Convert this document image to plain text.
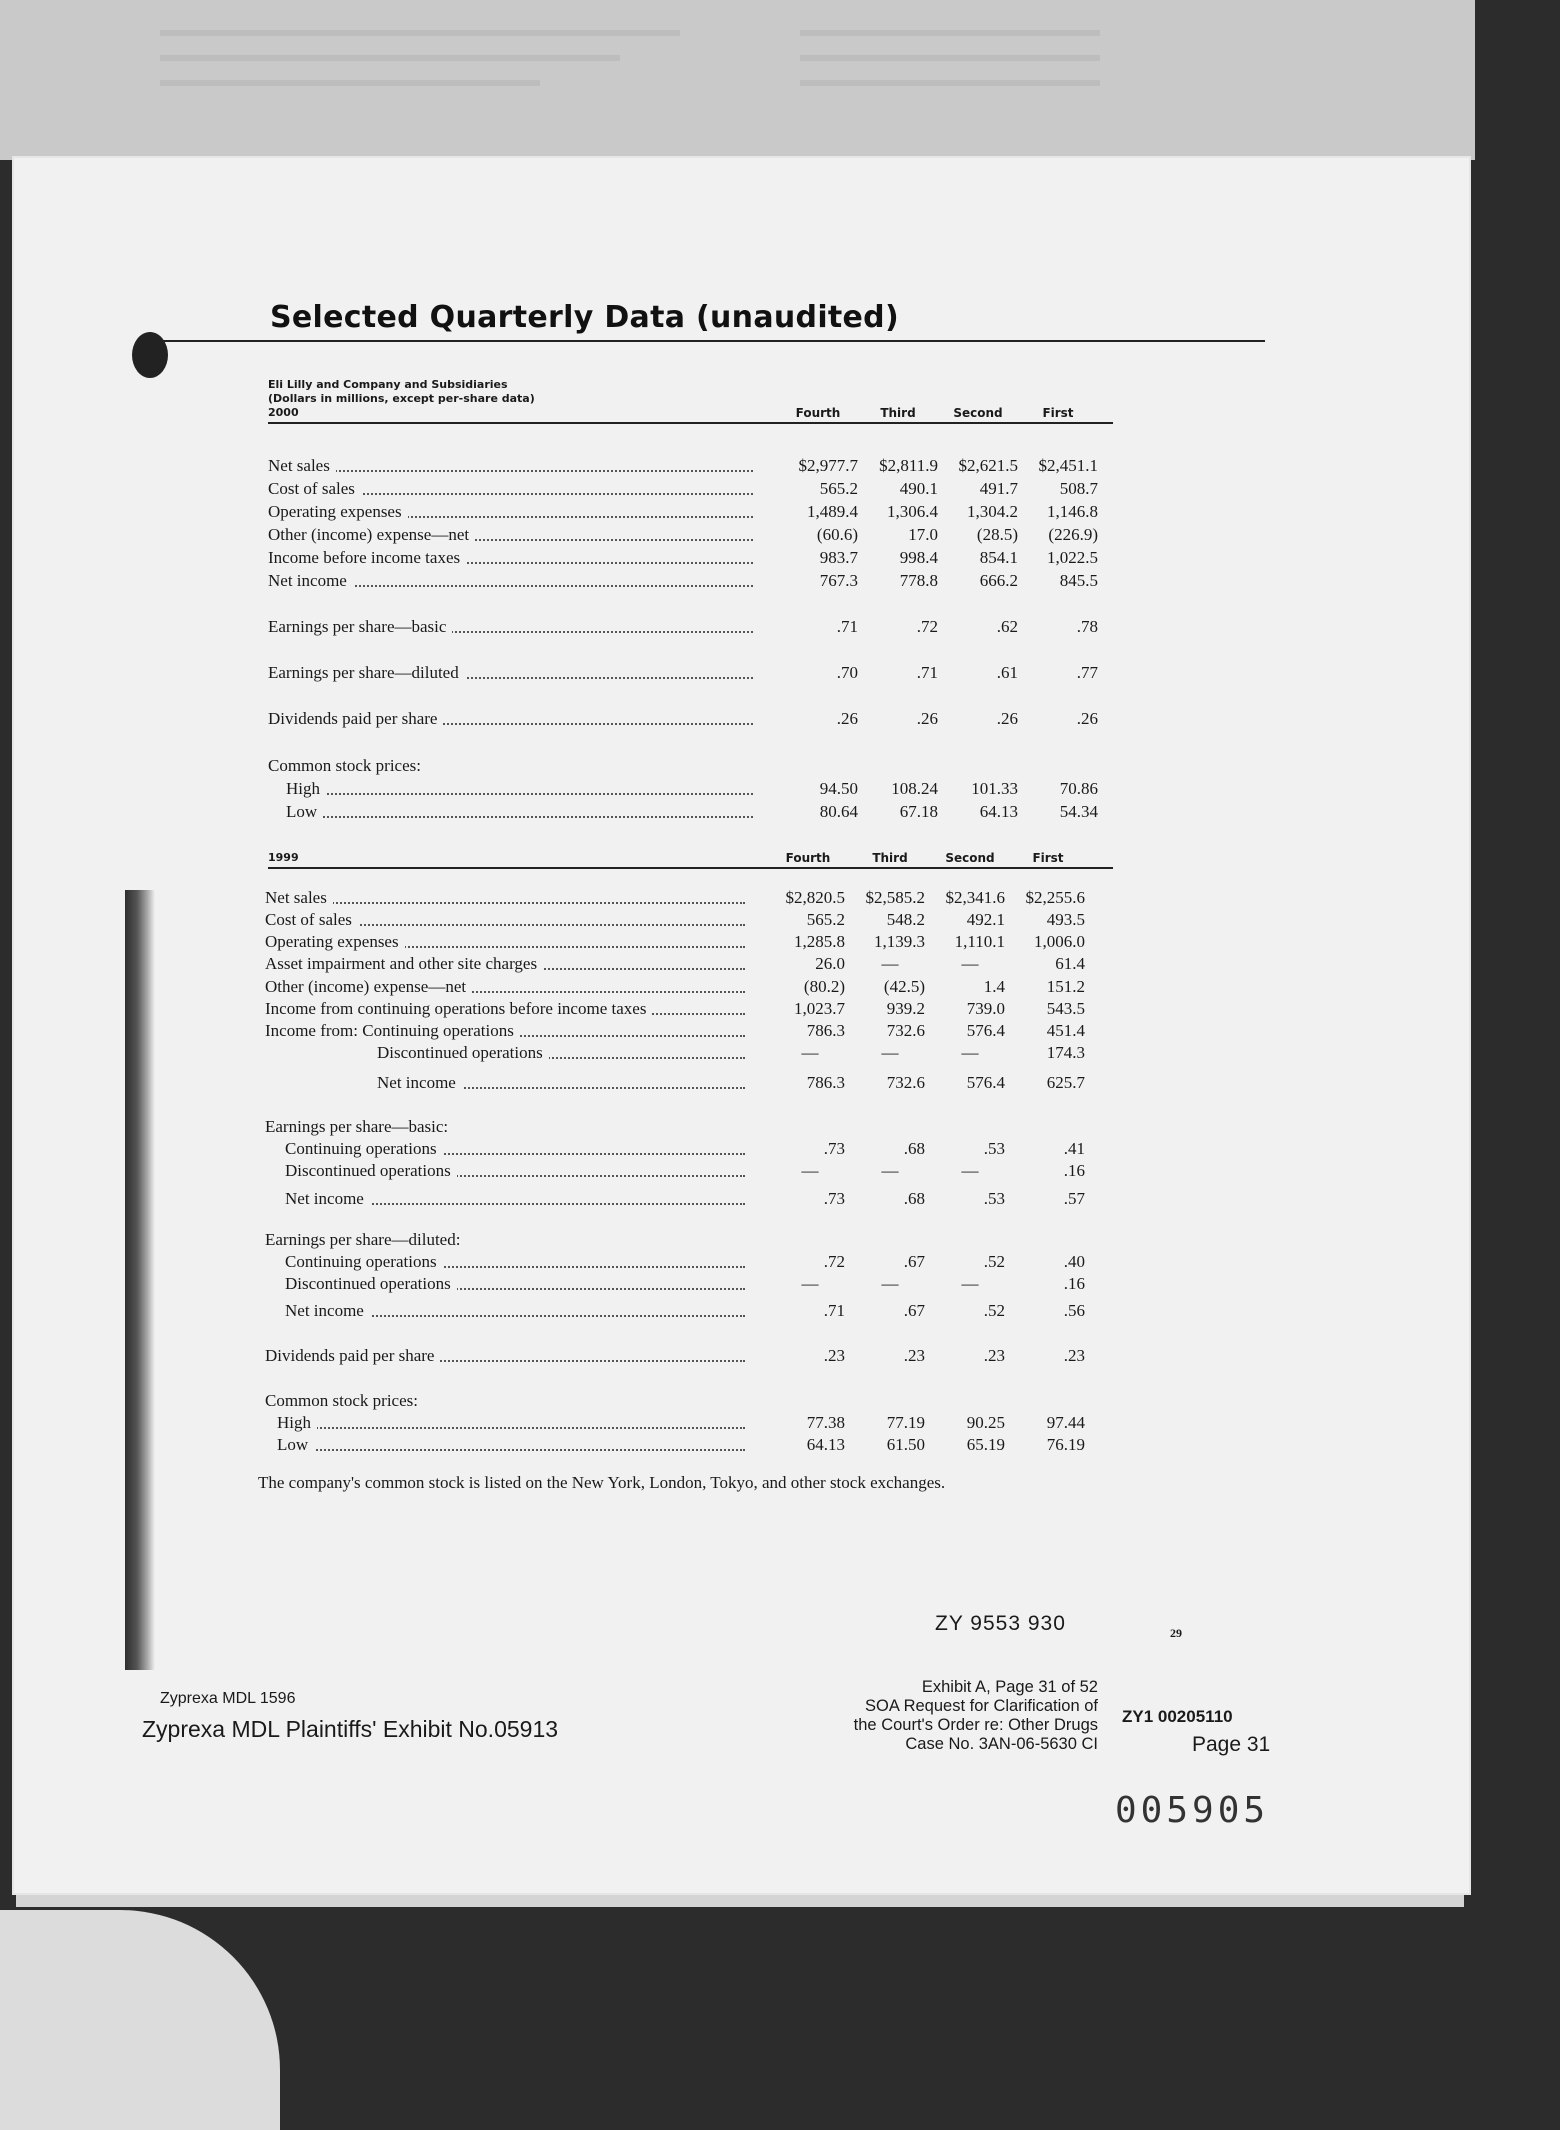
Selected Quarterly Data (unaudited)
Eli Lilly and Company and Subsidiaries
(Dollars in millions, except per-share data)
2000	Fourth	Third	Second	First
Net sales	$2,977.7	$2,811.9	$2,621.5	$2,451.1
Cost of sales	565.2	490.1	491.7	508.7
Operating expenses	1,489.4	1,306.4	1,304.2	1,146.8
Other (income) expense—net	(60.6)	17.0	(28.5)	(226.9)
Income before income taxes	983.7	998.4	854.1	1,022.5
Net income	767.3	778.8	666.2	845.5
Earnings per share—basic	.71	.72	.62	.78
Earnings per share—diluted	.70	.71	.61	.77
Dividends paid per share	.26	.26	.26	.26
Common stock prices:
High	94.50	108.24	101.33	70.86
Low	80.64	67.18	64.13	54.34
1999	Fourth	Third	Second	First
Net sales	$2,820.5	$2,585.2	$2,341.6	$2,255.6
Cost of sales	565.2	548.2	492.1	493.5
Operating expenses	1,285.8	1,139.3	1,110.1	1,006.0
Asset impairment and other site charges	26.0	—	—	61.4
Other (income) expense—net	(80.2)	(42.5)	1.4	151.2
Income from continuing operations before income taxes	1,023.7	939.2	739.0	543.5
Income from: Continuing operations	786.3	732.6	576.4	451.4
Discontinued operations	—	—	—	174.3
Net income	786.3	732.6	576.4	625.7
Earnings per share—basic:
Continuing operations	.73	.68	.53	.41
Discontinued operations	—	—	—	.16
Net income	.73	.68	.53	.57
Earnings per share—diluted:
Continuing operations	.72	.67	.52	.40
Discontinued operations	—	—	—	.16
Net income	.71	.67	.52	.56
Dividends paid per share	.23	.23	.23	.23
Common stock prices:
High	77.38	77.19	90.25	97.44
Low	64.13	61.50	65.19	76.19
The company's common stock is listed on the New York, London, Tokyo, and other stock exchanges.
ZY 9553 930	29
Zyprexa MDL 1596
Zyprexa MDL Plaintiffs' Exhibit No.05913
Exhibit A, Page 31 of 52
SOA Request for Clarification of
the Court's Order re: Other Drugs
Case No. 3AN-06-5630 CI
ZY1 00205110
Page 31
005905
